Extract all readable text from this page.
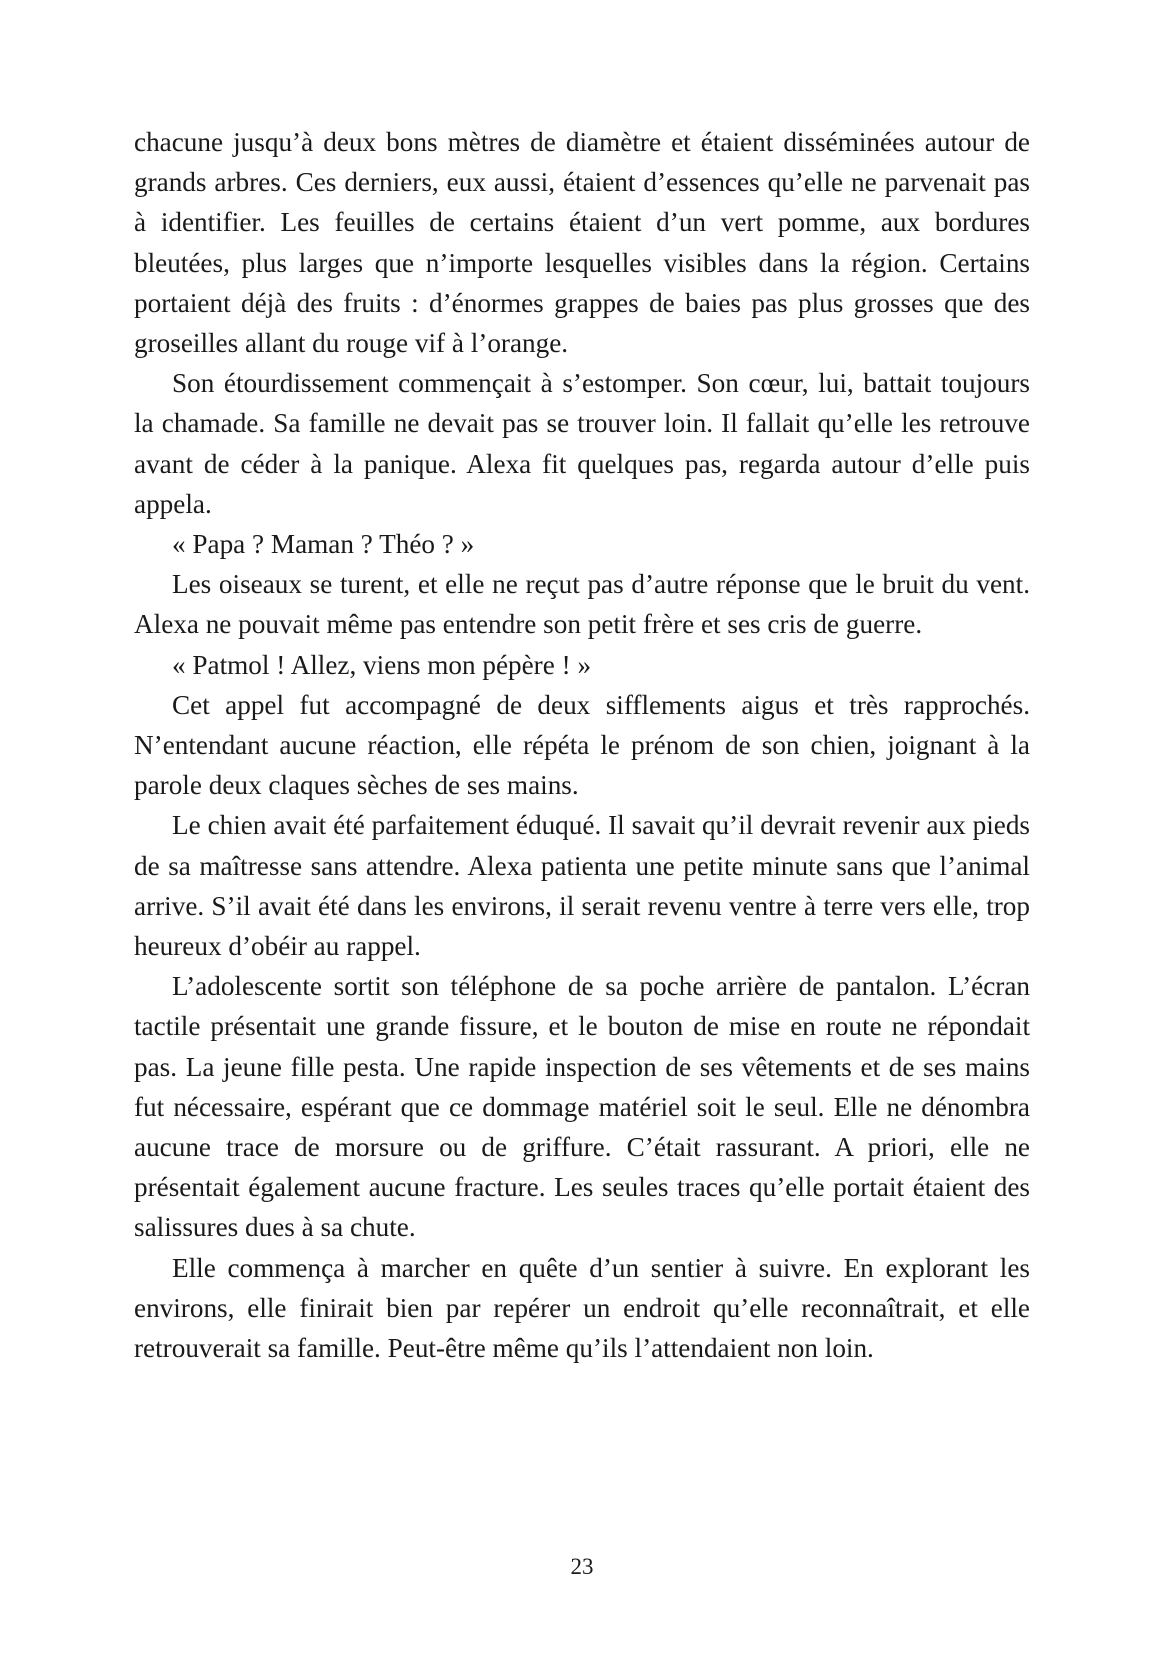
chacune jusqu’à deux bons mètres de diamètre et étaient disséminées autour de grands arbres. Ces derniers, eux aussi, étaient d’essences qu’elle ne parvenait pas à identifier. Les feuilles de certains étaient d’un vert pomme, aux bordures bleutées, plus larges que n’importe lesquelles visibles dans la région. Certains portaient déjà des fruits : d’énormes grappes de baies pas plus grosses que des groseilles allant du rouge vif à l’orange.

Son étourdissement commençait à s’estomper. Son cœur, lui, battait toujours la chamade. Sa famille ne devait pas se trouver loin. Il fallait qu’elle les retrouve avant de céder à la panique. Alexa fit quelques pas, regarda autour d’elle puis appela.

« Papa ? Maman ? Théo ? »

Les oiseaux se turent, et elle ne reçut pas d’autre réponse que le bruit du vent. Alexa ne pouvait même pas entendre son petit frère et ses cris de guerre.

« Patmol ! Allez, viens mon pépère ! »

Cet appel fut accompagné de deux sifflements aigus et très rapprochés. N’entendant aucune réaction, elle répéta le prénom de son chien, joignant à la parole deux claques sèches de ses mains.

Le chien avait été parfaitement éduqué. Il savait qu’il devrait revenir aux pieds de sa maîtresse sans attendre. Alexa patienta une petite minute sans que l’animal arrive. S’il avait été dans les environs, il serait revenu ventre à terre vers elle, trop heureux d’obéir au rappel.

L’adolescente sortit son téléphone de sa poche arrière de pantalon. L’écran tactile présentait une grande fissure, et le bouton de mise en route ne répondait pas. La jeune fille pesta. Une rapide inspection de ses vêtements et de ses mains fut nécessaire, espérant que ce dommage matériel soit le seul. Elle ne dénombra aucune trace de morsure ou de griffure. C’était rassurant. A priori, elle ne présentait également aucune fracture. Les seules traces qu’elle portait étaient des salissures dues à sa chute.

Elle commença à marcher en quête d’un sentier à suivre. En explorant les environs, elle finirait bien par repérer un endroit qu’elle reconnaîtrait, et elle retrouverait sa famille. Peut-être même qu’ils l’attendaient non loin.

23
